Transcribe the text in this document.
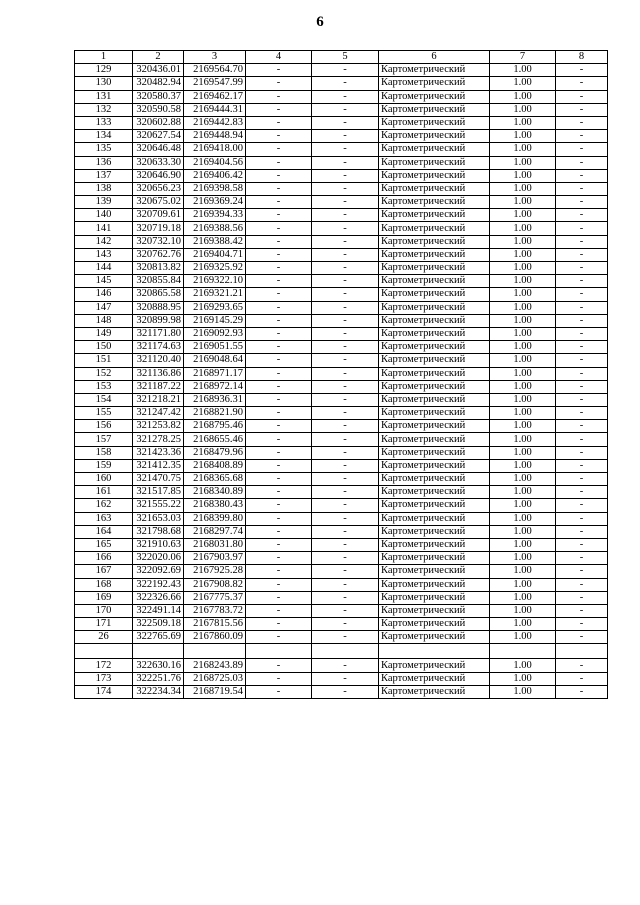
6
1	2	3	4	5	6	7	8
129	320436.01	2169564.70	-	-	Картометрический	1.00	-
130	320482.94	2169547.99	-	-	Картометрический	1.00	-
131	320580.37	2169462.17	-	-	Картометрический	1.00	-
132	320590.58	2169444.31	-	-	Картометрический	1.00	-
133	320602.88	2169442.83	-	-	Картометрический	1.00	-
134	320627.54	2169448.94	-	-	Картометрический	1.00	-
135	320646.48	2169418.00	-	-	Картометрический	1.00	-
136	320633.30	2169404.56	-	-	Картометрический	1.00	-
137	320646.90	2169406.42	-	-	Картометрический	1.00	-
138	320656.23	2169398.58	-	-	Картометрический	1.00	-
139	320675.02	2169369.24	-	-	Картометрический	1.00	-
140	320709.61	2169394.33	-	-	Картометрический	1.00	-
141	320719.18	2169388.56	-	-	Картометрический	1.00	-
142	320732.10	2169388.42	-	-	Картометрический	1.00	-
143	320762.76	2169404.71	-	-	Картометрический	1.00	-
144	320813.82	2169325.92	-	-	Картометрический	1.00	-
145	320855.84	2169322.10	-	-	Картометрический	1.00	-
146	320865.58	2169321.21	-	-	Картометрический	1.00	-
147	320888.95	2169293.65	-	-	Картометрический	1.00	-
148	320899.98	2169145.29	-	-	Картометрический	1.00	-
149	321171.80	2169092.93	-	-	Картометрический	1.00	-
150	321174.63	2169051.55	-	-	Картометрический	1.00	-
151	321120.40	2169048.64	-	-	Картометрический	1.00	-
152	321136.86	2168971.17	-	-	Картометрический	1.00	-
153	321187.22	2168972.14	-	-	Картометрический	1.00	-
154	321218.21	2168936.31	-	-	Картометрический	1.00	-
155	321247.42	2168821.90	-	-	Картометрический	1.00	-
156	321253.82	2168795.46	-	-	Картометрический	1.00	-
157	321278.25	2168655.46	-	-	Картометрический	1.00	-
158	321423.36	2168479.96	-	-	Картометрический	1.00	-
159	321412.35	2168408.89	-	-	Картометрический	1.00	-
160	321470.75	2168365.68	-	-	Картометрический	1.00	-
161	321517.85	2168340.89	-	-	Картометрический	1.00	-
162	321555.22	2168380.43	-	-	Картометрический	1.00	-
163	321653.03	2168399.80	-	-	Картометрический	1.00	-
164	321798.68	2168297.74	-	-	Картометрический	1.00	-
165	321910.63	2168031.80	-	-	Картометрический	1.00	-
166	322020.06	2167903.97	-	-	Картометрический	1.00	-
167	322092.69	2167925.28	-	-	Картометрический	1.00	-
168	322192.43	2167908.82	-	-	Картометрический	1.00	-
169	322326.66	2167775.37	-	-	Картометрический	1.00	-
170	322491.14	2167783.72	-	-	Картометрический	1.00	-
171	322509.18	2167815.56	-	-	Картометрический	1.00	-
26	322765.69	2167860.09	-	-	Картометрический	1.00	-

172	322630.16	2168243.89	-	-	Картометрический	1.00	-
173	322251.76	2168725.03	-	-	Картометрический	1.00	-
174	322234.34	2168719.54	-	-	Картометрический	1.00	-
